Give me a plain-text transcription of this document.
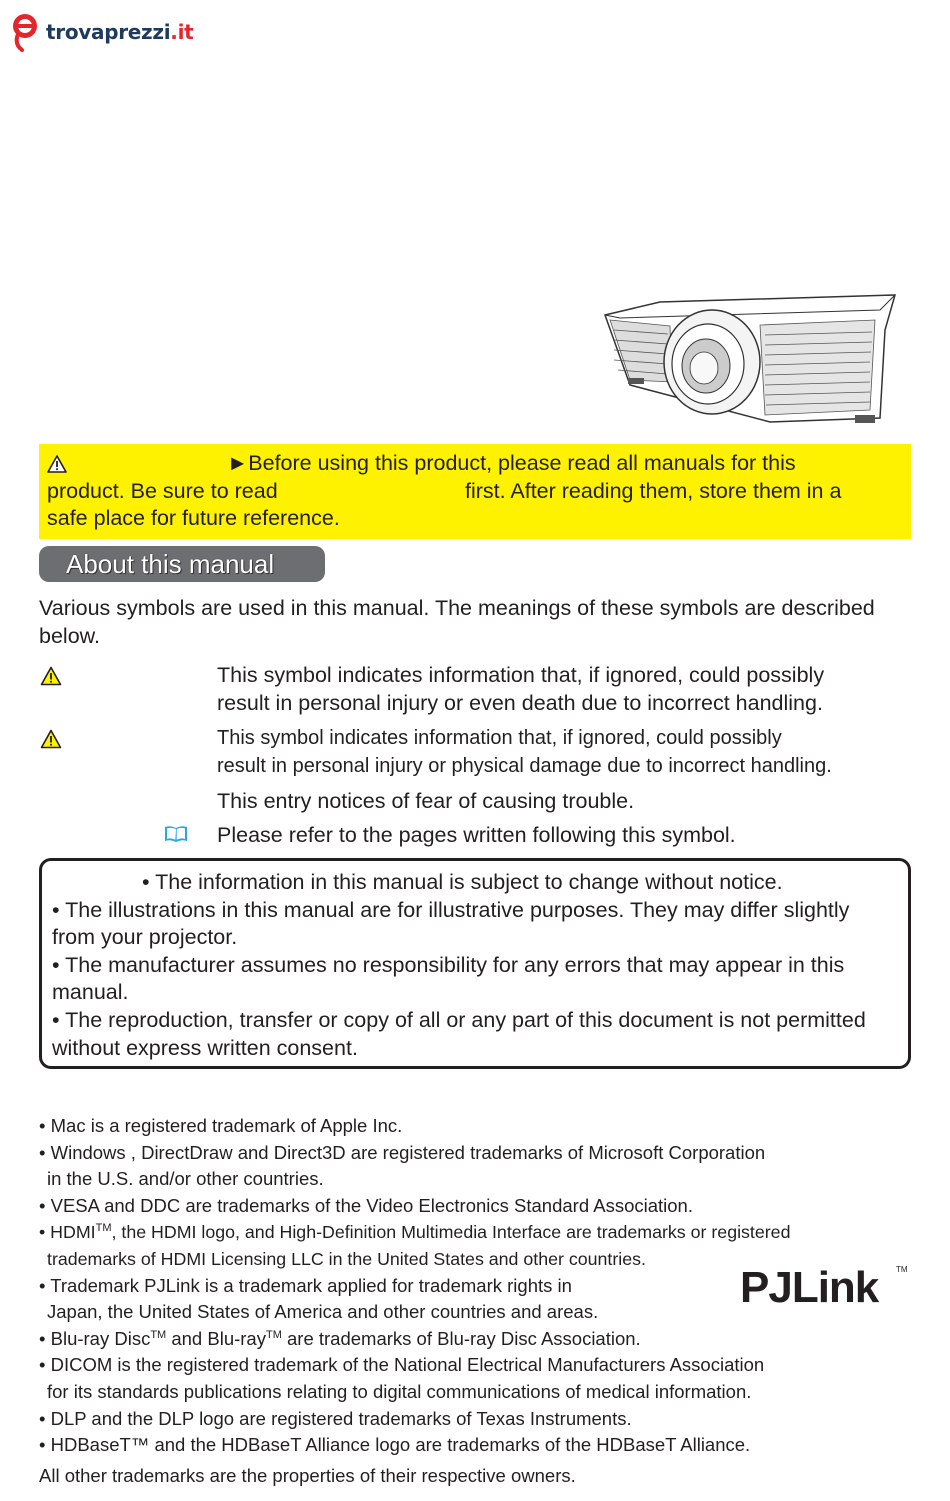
trovaprezzi.it
►Before using this product, please read all manuals for this
product. Be sure to read	first. After reading them, store them in a
safe place for future reference.
About this manual
Various symbols are used in this manual. The meanings of these symbols are described below.
This symbol indicates information that, if ignored, could possibly
result in personal injury or even death due to incorrect handling.
This symbol indicates information that, if ignored, could possibly
result in personal injury or physical damage due to incorrect handling.
This entry notices of fear of causing trouble.
Please refer to the pages written following this symbol.

• The information in this manual is subject to change without notice.

• The illustrations in this manual are for illustrative purposes. They may differ slightly from your projector.

• The manufacturer assumes no responsibility for any errors that may appear in this manual.

• The reproduction, transfer or copy of all or any part of this document is not permitted without express written consent.

• Mac is a registered trademark of Apple Inc.

• Windows , DirectDraw and Direct3D are registered trademarks of Microsoft Corporation

in the U.S. and/or other countries.

• VESA and DDC are trademarks of the Video Electronics Standard Association.

• HDMI™, the HDMI logo, and High-Definition Multimedia Interface are trademarks or registered

trademarks of HDMI Licensing LLC in the United States and other countries.

• Trademark PJLink is a trademark applied for trademark rights in

Japan, the United States of America and other countries and areas.

• Blu-ray Disc™ and Blu-ray™ are trademarks of Blu-ray Disc Association.

• DICOM is the registered trademark of the National Electrical Manufacturers Association

for its standards publications relating to digital communications of medical information.

• DLP and the DLP logo are registered trademarks of Texas Instruments.

• HDBaseT™ and the HDBaseT Alliance logo are trademarks of the HDBaseT Alliance.

All other trademarks are the properties of their respective owners.
PJLink TM
